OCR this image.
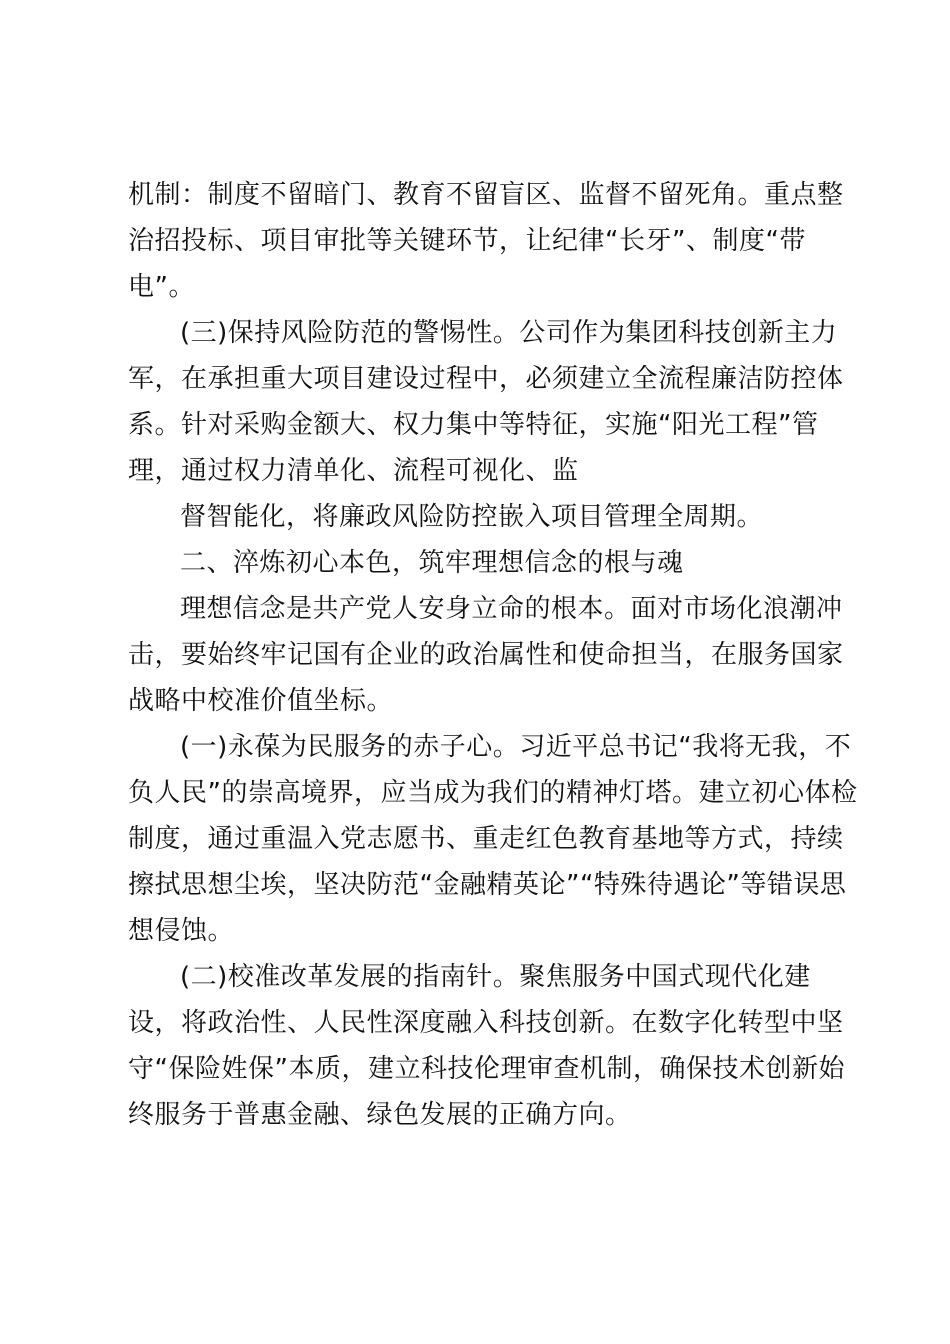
机制：制度不留暗门、教育不留盲区、监督不留死角。重点整
治招投标、项目审批等关键环节，让纪律“长牙”、制度“带
电”。
(三)保持风险防范的警惕性。公司作为集团科技创新主力
军，在承担重大项目建设过程中，必须建立全流程廉洁防控体
系。针对采购金额大、权力集中等特征，实施“阳光工程”管
理，通过权力清单化、流程可视化、监
督智能化，将廉政风险防控嵌入项目管理全周期。
二、淬炼初心本色，筑牢理想信念的根与魂
理想信念是共产党人安身立命的根本。面对市场化浪潮冲
击，要始终牢记国有企业的政治属性和使命担当，在服务国家
战略中校准价值坐标。
(一)永葆为民服务的赤子心。习近平总书记“我将无我，不
负人民”的崇高境界，应当成为我们的精神灯塔。建立初心体检
制度，通过重温入党志愿书、重走红色教育基地等方式，持续
擦拭思想尘埃，坚决防范“金融精英论”“特殊待遇论”等错误思
想侵蚀。
(二)校准改革发展的指南针。聚焦服务中国式现代化建
设，将政治性、人民性深度融入科技创新。在数字化转型中坚
守“保险姓保”本质，建立科技伦理审查机制，确保技术创新始
终服务于普惠金融、绿色发展的正确方向。
